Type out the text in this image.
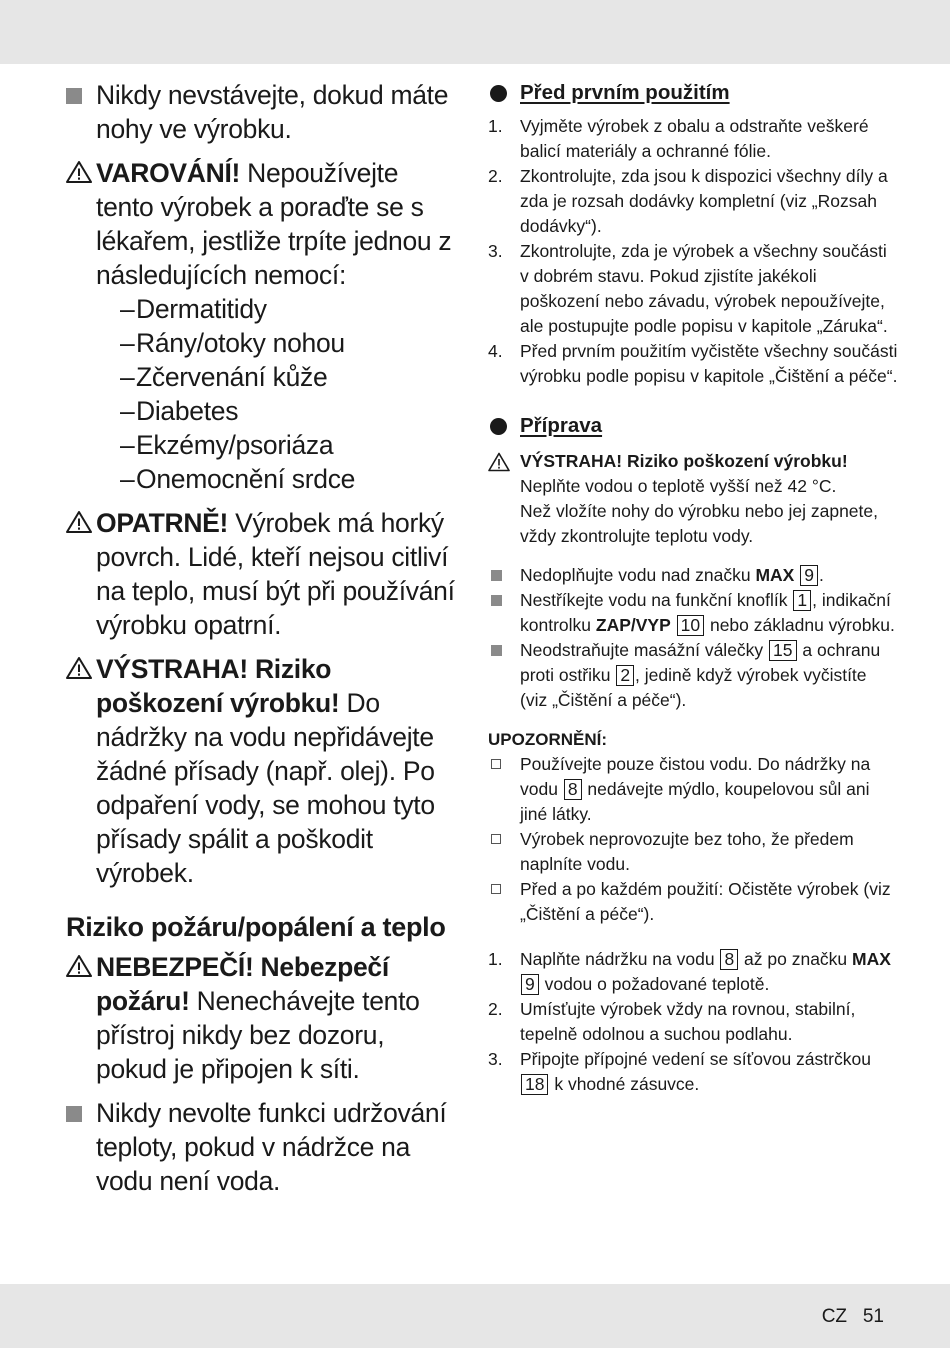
Nikdy nevstávejte, dokud máte nohy ve výrobku.

VAROVÁNÍ! Nepoužívejte tento výrobek a poraďte se s lékařem, jestliže trpíte jednou z následujících nemocí:
– Dermatitidy
– Rány/otoky nohou
– Zčervenání kůže
– Diabetes
– Ekzémy/psoriáza
– Onemocnění srdce

OPATRNĚ! Výrobek má horký povrch. Lidé, kteří nejsou citliví na teplo, musí být při používání výrobku opatrní.

VÝSTRAHA! Riziko poškození výrobku! Do nádržky na vodu nepřidávejte žádné přísady (např. olej). Po odpaření vody, se mohou tyto přísady spálit a poškodit výrobek.

Riziko požáru/popálení a teplo

NEBEZPEČÍ! Nebezpečí požáru! Nenechávejte tento přístroj nikdy bez dozoru, pokud je připojen k síti.

Nikdy nevolte funkci udržování teploty, pokud v nádržce na vodu není voda.

Před prvním použitím
1. Vyjměte výrobek z obalu a odstraňte veškeré balicí materiály a ochranné fólie.
2. Zkontrolujte, zda jsou k dispozici všechny díly a zda je rozsah dodávky kompletní (viz „Rozsah dodávky“).
3. Zkontrolujte, zda je výrobek a všechny součásti v dobrém stavu. Pokud zjistíte jakékoli poškození nebo závadu, výrobek nepoužívejte, ale postupujte podle popisu v kapitole „Záruka“.
4. Před prvním použitím vyčistěte všechny součásti výrobku podle popisu v kapitole „Čištění a péče“.
Příprava
VÝSTRAHA! Riziko poškození výrobku!
Neplňte vodou o teplotě vyšší než 42 °C.
Než vložíte nohy do výrobku nebo jej zapnete, vždy zkontrolujte teplotu vody.
Nedoplňujte vodu nad značku MAX 9 .
Nestříkejte vodu na funkční knoflík 1 , indikační kontrolku ZAP/VYP 10 nebo základnu výrobku.
Neodstraňujte masážní válečky 15 a ochranu proti ostřiku 2 , jedině když výrobek vyčistíte (viz „Čištění a péče“).

UPOZORNĚNÍ:

Používejte pouze čistou vodu. Do nádržky na vodu 8 nedávejte mýdlo, koupelovou sůl ani jiné látky.
Výrobek neprovozujte bez toho, že předem naplníte vodu.
Před a po každém použití: Očistěte výrobek (viz „Čištění a péče“).
1. Naplňte nádržku na vodu 8 až po značku MAX 9 vodou o požadované teplotě.
2. Umísťujte výrobek vždy na rovnou, stabilní, tepelně odolnou a suchou podlahu.
3. Připojte přípojné vedení se síťovou zástrčkou 18 k vhodné zásuvce.
CZ 51
